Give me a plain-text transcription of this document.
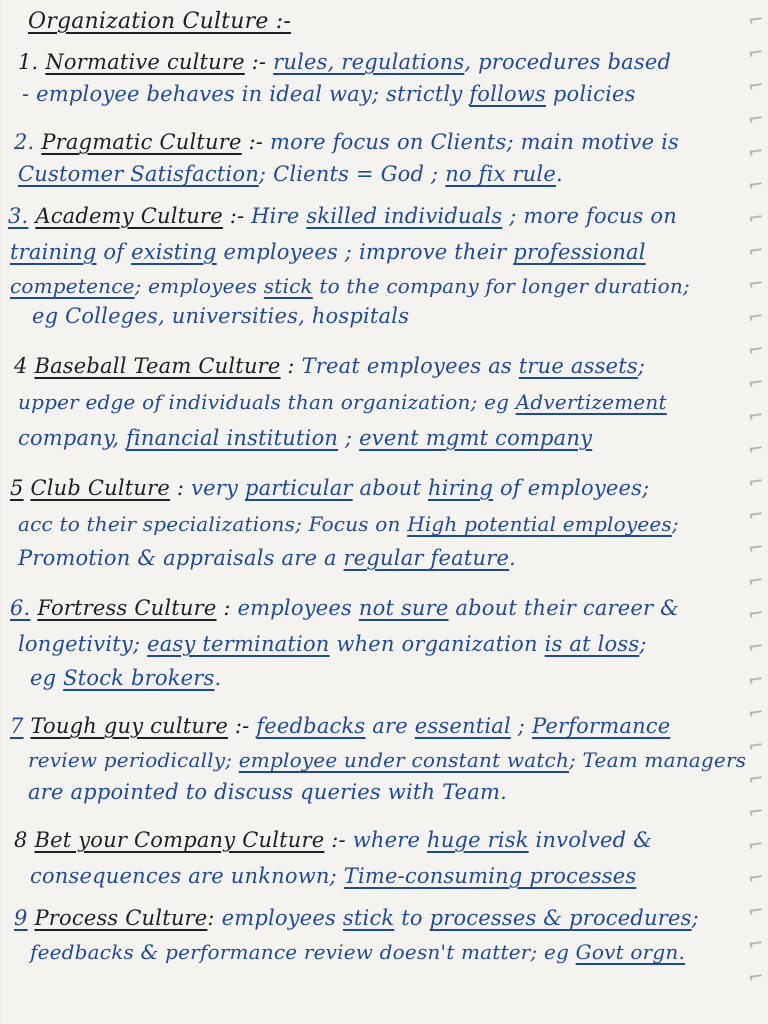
Organization Culture :-
1. Normative culture :- rules, regulations, procedures based
- employee behaves in ideal way; strictly follows policies
2. Pragmatic Culture :- more focus on Clients; main motive is
Customer Satisfaction; Clients = God ; no fix rule.
3. Academy Culture :- Hire skilled individuals ; more focus on
training of existing employees ; improve their professional
competence; employees stick to the company for longer duration;
eg Colleges, universities, hospitals
4 Baseball Team Culture : Treat employees as true assets;
upper edge of individuals than organization; eg Advertizement
company, financial institution ; event mgmt company
5 Club Culture : very particular about hiring of employees;
acc to their specializations; Focus on High potential employees;
Promotion & appraisals are a regular feature.
6. Fortress Culture : employees not sure about their career &
longetivity; easy termination when organization is at loss;
eg Stock brokers.
7 Tough guy culture :- feedbacks are essential ; Performance
review periodically; employee under constant watch; Team managers
are appointed to discuss queries with Team.
8 Bet your Company Culture :- where huge risk involved &
consequences are unknown; Time-consuming processes
9 Process Culture: employees stick to processes & procedures;
feedbacks & performance review doesn't matter; eg Govt orgn.
